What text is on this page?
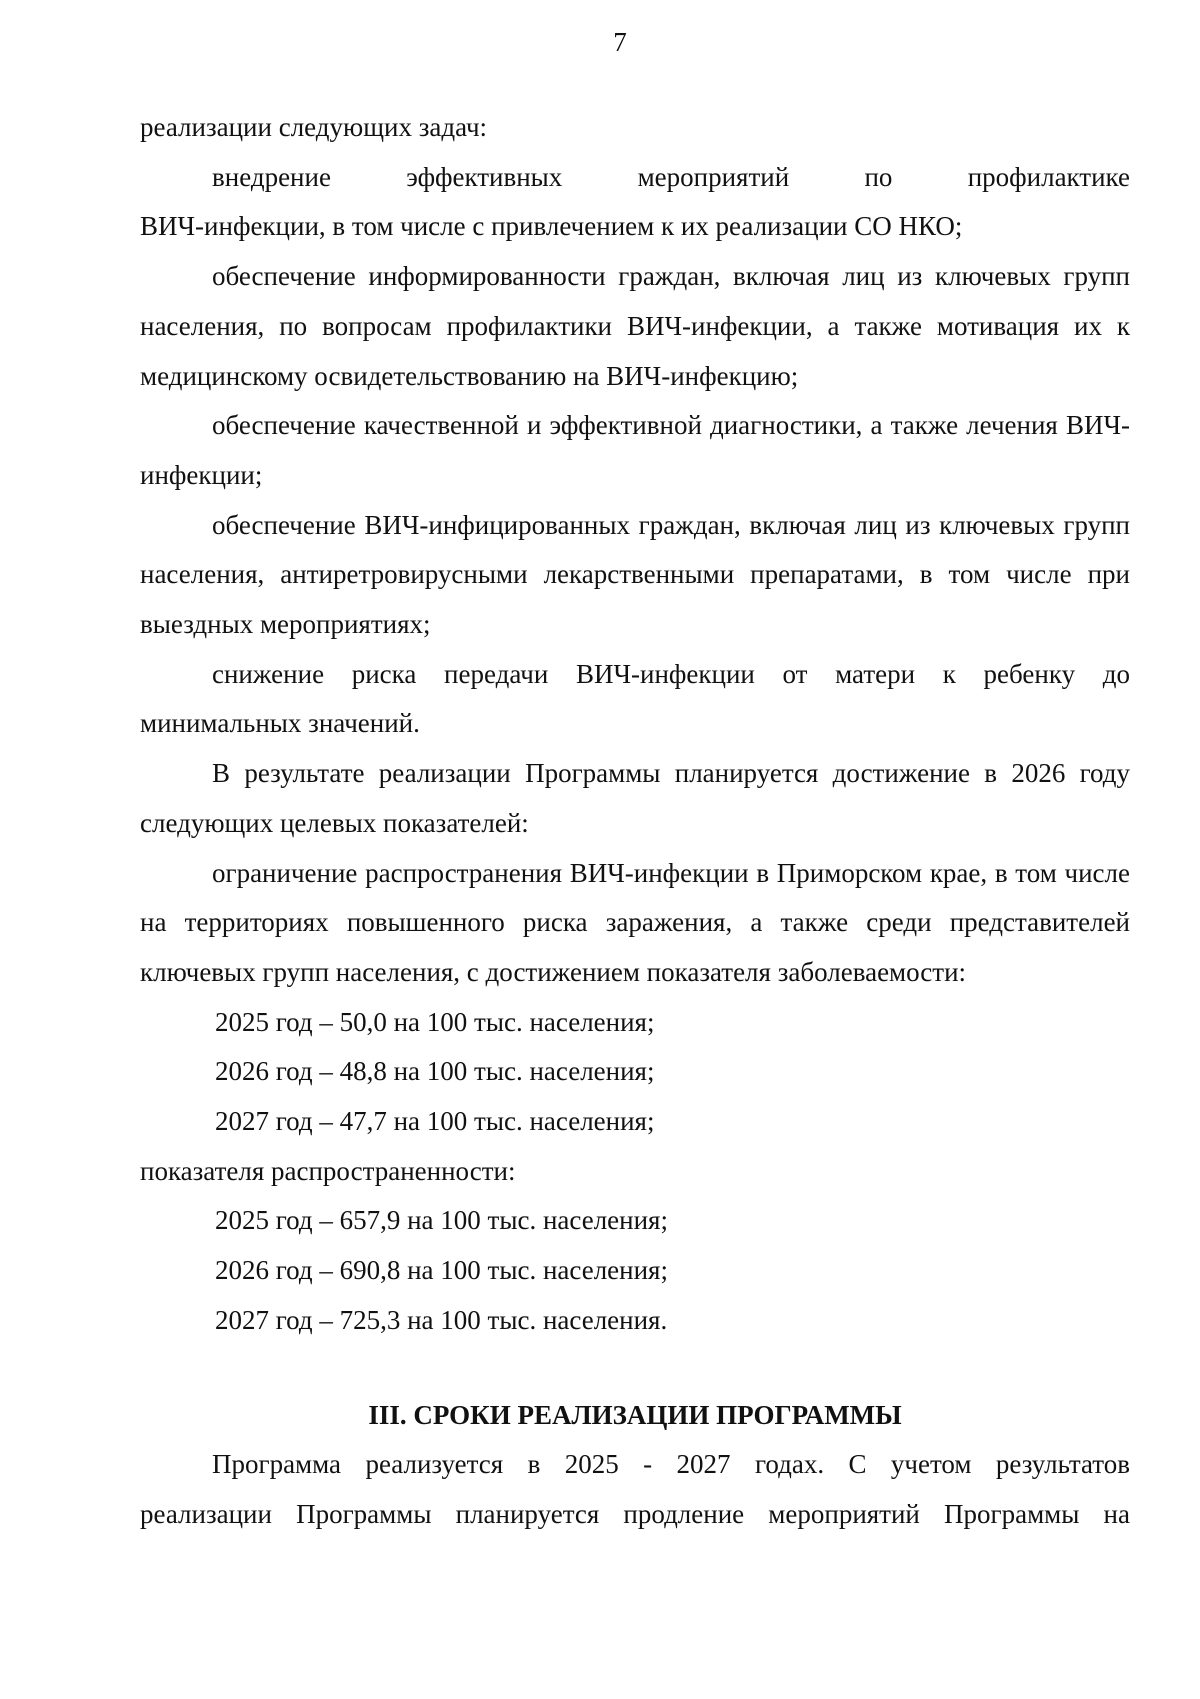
7

реализации следующих задач:

внедрение эффективных мероприятий по профилактике

ВИЧ-инфекции, в том числе с привлечением к их реализации СО НКО;

обеспечение информированности граждан, включая лиц из ключевых групп населения, по вопросам профилактики ВИЧ-инфекции, а также мотивация их к медицинскому освидетельствованию на ВИЧ-инфекцию;

обеспечение качественной и эффективной диагностики, а также лечения ВИЧ-инфекции;

обеспечение ВИЧ-инфицированных граждан, включая лиц из ключевых групп населения, антиретровирусными лекарственными препаратами, в том числе при выездных мероприятиях;

снижение риска передачи ВИЧ-инфекции от матери к ребенку до минимальных значений.

В результате реализации Программы планируется достижение в 2026 году следующих целевых показателей:

ограничение распространения ВИЧ-инфекции в Приморском крае, в том числе на территориях повышенного риска заражения, а также среди представителей ключевых групп населения, с достижением показателя заболеваемости:

2025 год – 50,0 на 100 тыс. населения;

2026 год – 48,8 на 100 тыс. населения;

2027 год – 47,7 на 100 тыс. населения;

показателя распространенности:

2025 год – 657,9 на 100 тыс. населения;

2026 год – 690,8 на 100 тыс. населения;

2027 год – 725,3 на 100 тыс. населения.

III. СРОКИ РЕАЛИЗАЦИИ ПРОГРАММЫ

Программа реализуется в 2025 - 2027 годах. С учетом результатов

реализации Программы планируется продление мероприятий Программы на
